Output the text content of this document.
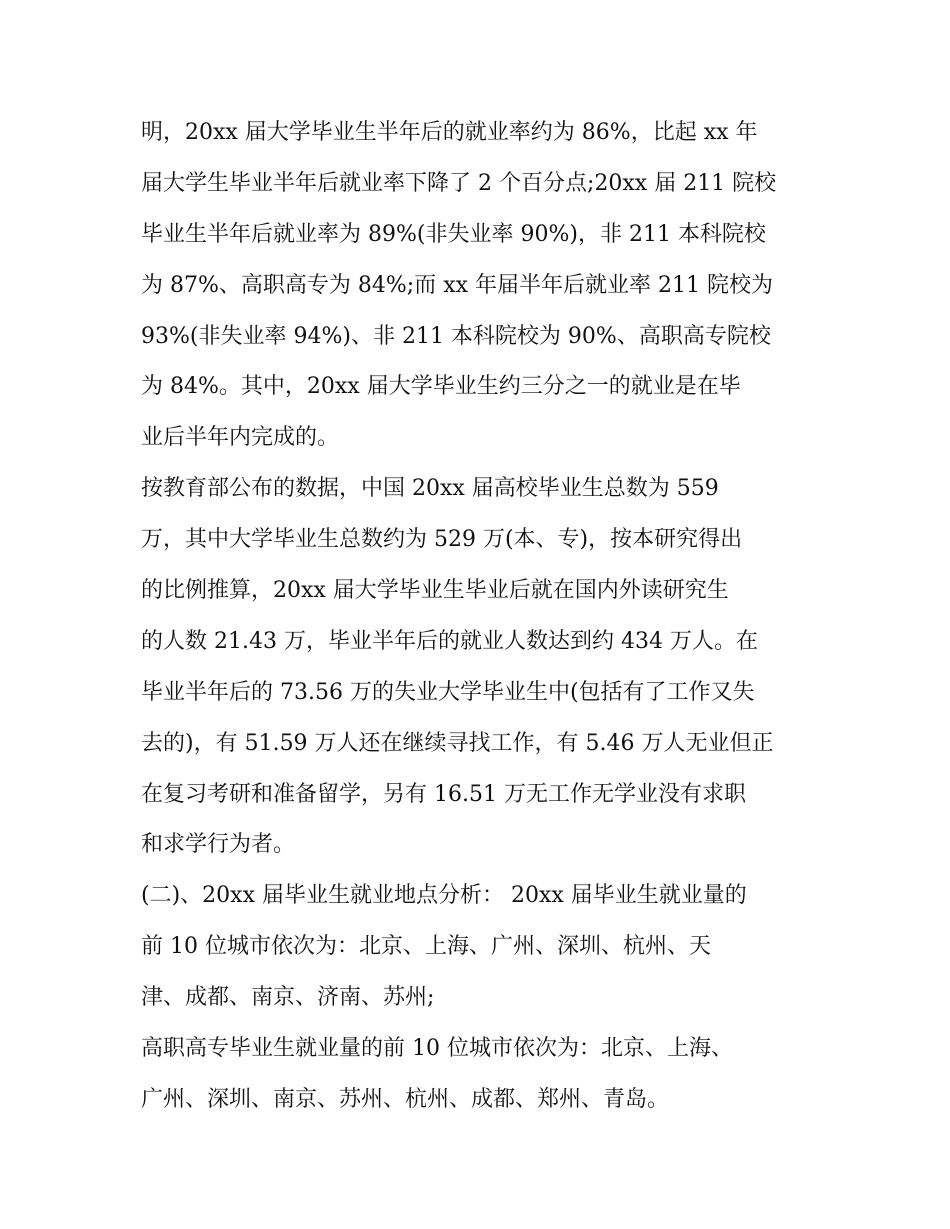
明，20xx 届大学毕业生半年后的就业率约为 86%，比起 xx 年
届大学生毕业半年后就业率下降了 2 个百分点;20xx 届 211 院校
毕业生半年后就业率为 89%(非失业率 90%)，非 211 本科院校
为 87%、高职高专为 84%;而 xx 年届半年后就业率 211 院校为
93%(非失业率 94%)、非 211 本科院校为 90%、高职高专院校
为 84%。其中，20xx 届大学毕业生约三分之一的就业是在毕
业后半年内完成的。
按教育部公布的数据，中国 20xx 届高校毕业生总数为 559
万，其中大学毕业生总数约为 529 万(本、专)，按本研究得出
的比例推算，20xx 届大学毕业生毕业后就在国内外读研究生
的人数 21.43 万，毕业半年后的就业人数达到约 434 万人。在
毕业半年后的 73.56 万的失业大学毕业生中(包括有了工作又失
去的)，有 51.59 万人还在继续寻找工作，有 5.46 万人无业但正
在复习考研和准备留学，另有 16.51 万无工作无学业没有求职
和求学行为者。
(二)、20xx 届毕业生就业地点分析： 20xx 届毕业生就业量的
前 10 位城市依次为：北京、上海、广州、深圳、杭州、天
津、成都、南京、济南、苏州;
高职高专毕业生就业量的前 10 位城市依次为：北京、上海、
广州、深圳、南京、苏州、杭州、成都、郑州、青岛。
